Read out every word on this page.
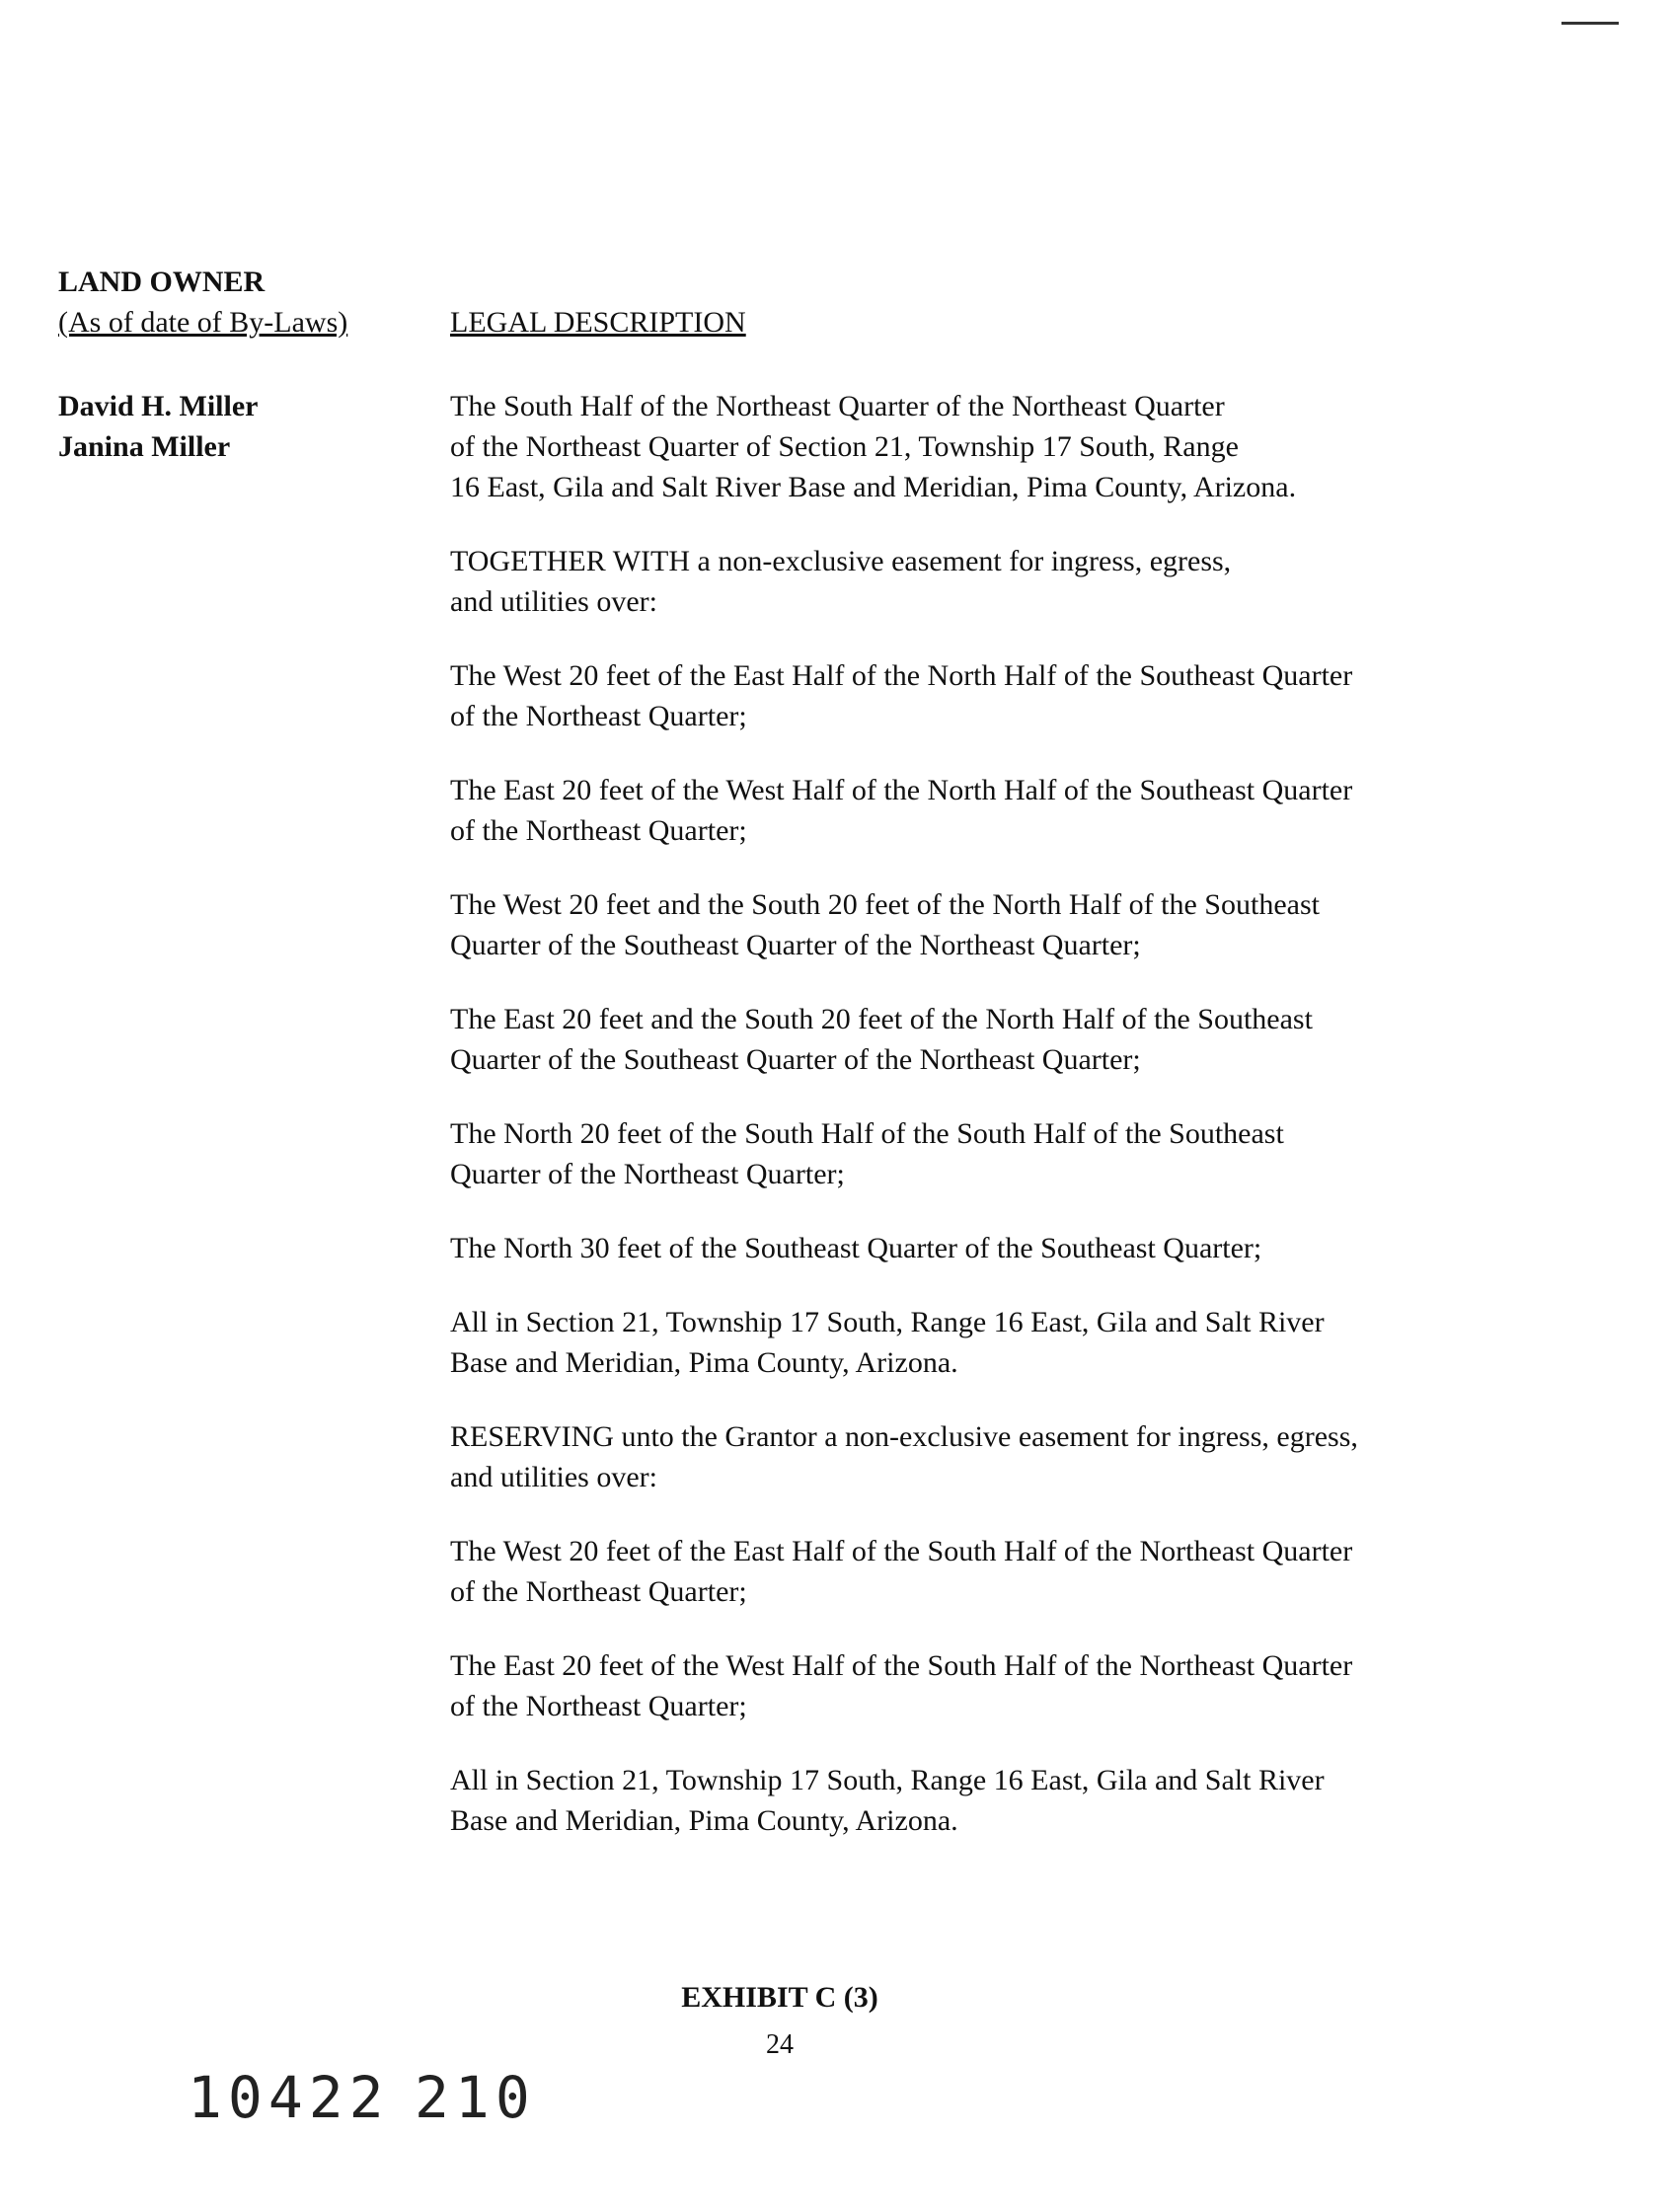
LAND OWNER
(As of date of By-Laws)
David H. Miller
Janina Miller
LEGAL DESCRIPTION

The South Half of the Northeast Quarter of the Northeast Quarter
of the Northeast Quarter of Section 21, Township 17 South, Range
16 East, Gila and Salt River Base and Meridian, Pima County, Arizona.

TOGETHER WITH a non-exclusive easement for ingress, egress,
and utilities over:

The West 20 feet of the East Half of the North Half of the Southeast Quarter
of the Northeast Quarter;

The East 20 feet of the West Half of the North Half of the Southeast Quarter
of the Northeast Quarter;

The West 20 feet and the South 20 feet of the North Half of the Southeast
Quarter of the Southeast Quarter of the Northeast Quarter;

The East 20 feet and the South 20 feet of the North Half of the Southeast
Quarter of the Southeast Quarter of the Northeast Quarter;

The North 20 feet of the South Half of the South Half of the Southeast
Quarter of the Northeast Quarter;

The North 30 feet of the Southeast Quarter of the Southeast Quarter;

All in Section 21, Township 17 South, Range 16 East, Gila and Salt River
Base and Meridian, Pima County, Arizona.

RESERVING unto the Grantor a non-exclusive easement for ingress, egress,
and utilities over:

The West 20 feet of the East Half of the South Half of the Northeast Quarter
of the Northeast Quarter;

The East 20 feet of the West Half of the South Half of the Northeast Quarter
of the Northeast Quarter;

All in Section 21, Township 17 South, Range 16 East, Gila and Salt River
Base and Meridian, Pima County, Arizona.

EXHIBIT C (3)
24
10422 210
